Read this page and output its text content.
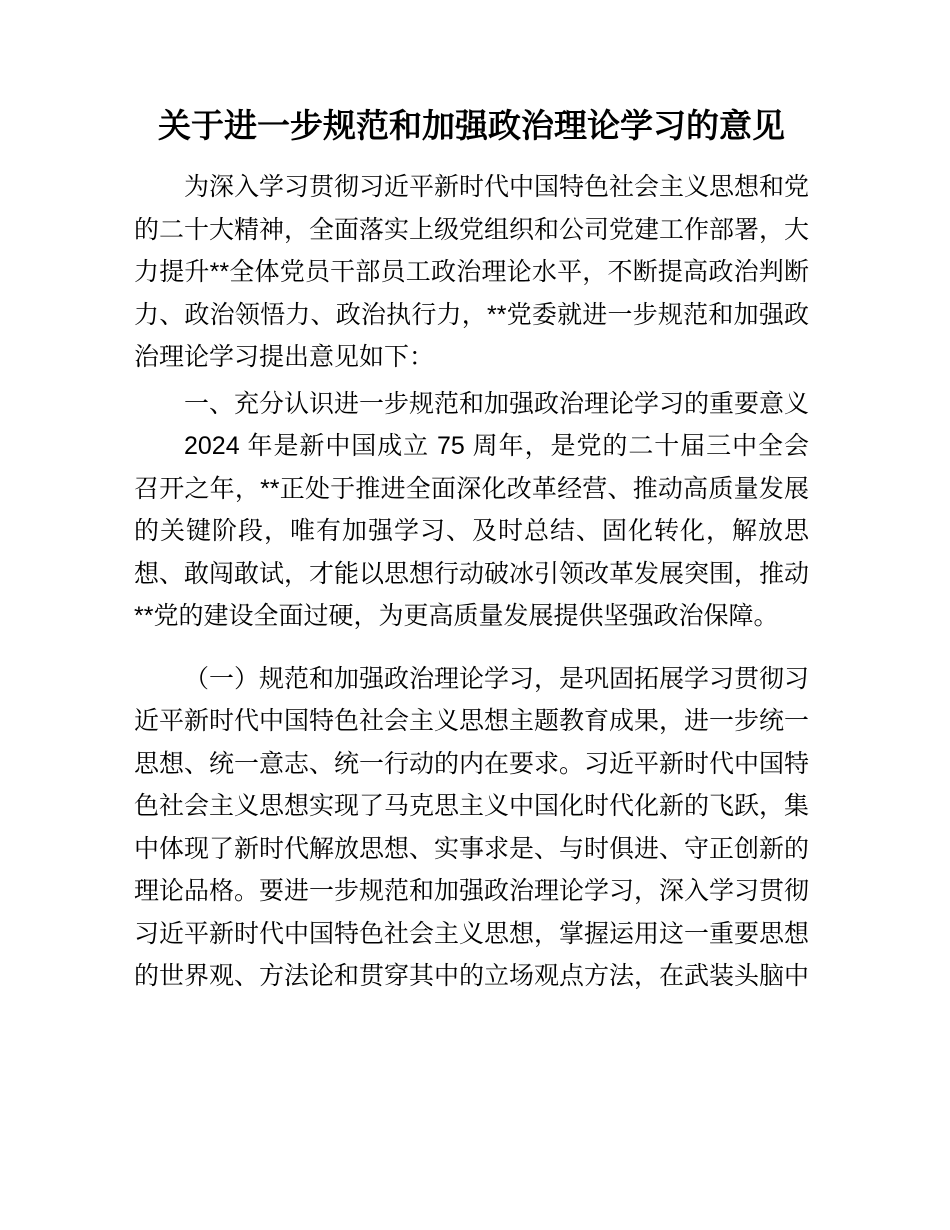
关于进一步规范和加强政治理论学习的意见

为深入学习贯彻习近平新时代中国特色社会主义思想和党的二十大精神，全面落实上级党组织和公司党建工作部署，大力提升**全体党员干部员工政治理论水平，不断提高政治判断力、政治领悟力、政治执行力，**党委就进一步规范和加强政治理论学习提出意见如下：

一、充分认识进一步规范和加强政治理论学习的重要意义

2024 年是新中国成立 75 周年，是党的二十届三中全会召开之年，**正处于推进全面深化改革经营、推动高质量发展的关键阶段，唯有加强学习、及时总结、固化转化，解放思想、敢闯敢试，才能以思想行动破冰引领改革发展突围，推动**党的建设全面过硬，为更高质量发展提供坚强政治保障。

（一）规范和加强政治理论学习，是巩固拓展学习贯彻习近平新时代中国特色社会主义思想主题教育成果，进一步统一思想、统一意志、统一行动的内在要求。习近平新时代中国特色社会主义思想实现了马克思主义中国化时代化新的飞跃，集中体现了新时代解放思想、实事求是、与时俱进、守正创新的理论品格。要进一步规范和加强政治理论学习，深入学习贯彻习近平新时代中国特色社会主义思想，掌握运用这一重要思想的世界观、方法论和贯穿其中的立场观点方法，在武装头脑中
